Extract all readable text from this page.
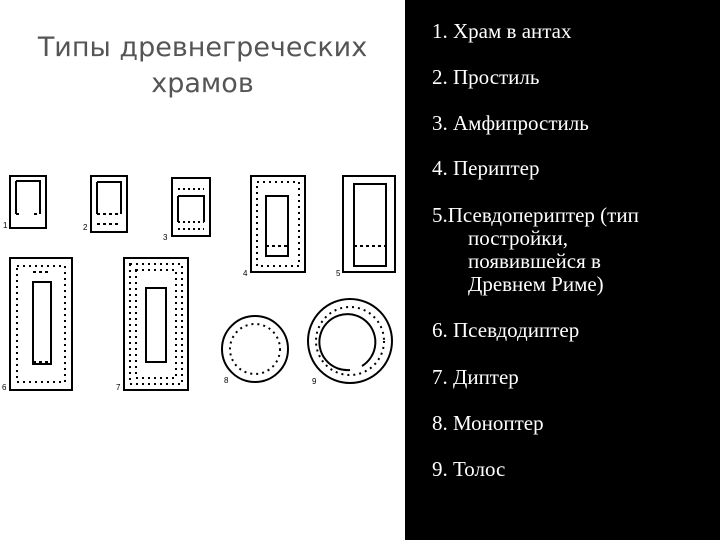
Типы древнегреческих
храмов
1	2
3
4	5
6	7
8	9
1. Храм в антах
2. Простиль
3. Амфипростиль
4. Периптер
5.Псевдопериптер (тип
постройки,
появившейся в
Древнем Риме)
6. Псевдодиптер
7. Диптер
8. Моноптер
9. Толос
